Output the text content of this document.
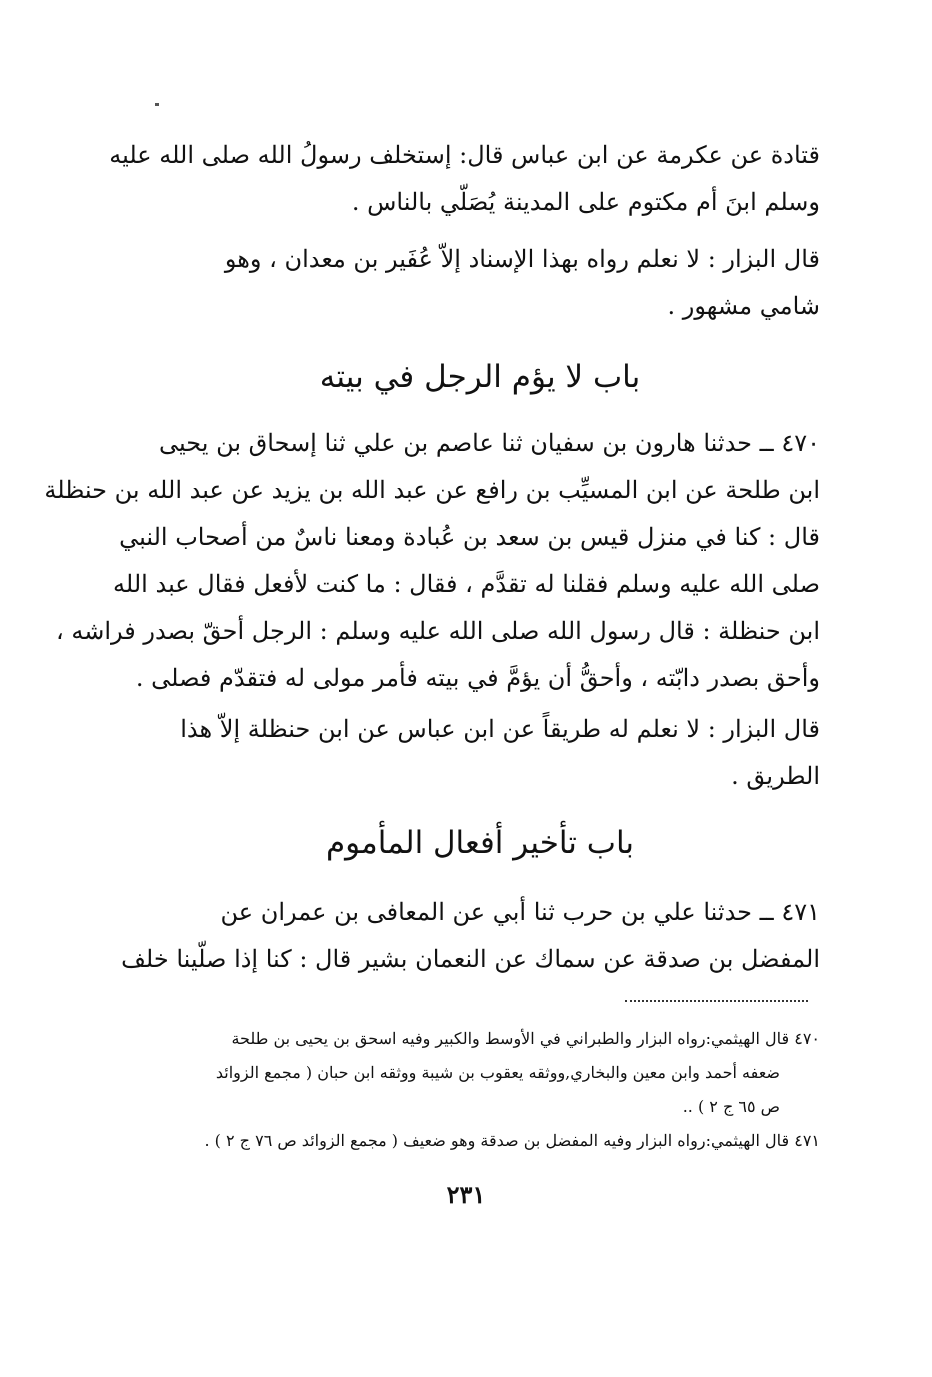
قتادة عن عكرمة عن ابن عباس قال: إستخلف رسولُ الله صلى الله عليه
وسلم ابنَ أم مكتوم على المدينة يُصَلّي بالناس .
قال البزار : لا نعلم رواه بهذا الإسناد إلاّ عُفَير بن معدان ، وهو
شامي مشهور .
باب لا يؤم الرجل في بيته
٤٧٠ ــ حدثنا هارون بن سفيان ثنا عاصم بن علي ثنا إسحاق بن يحيى
ابن طلحة عن ابن المسيِّب بن رافع عن عبد الله بن يزيد عن عبد الله بن حنظلة
قال : كنا في منزل قيس بن سعد بن عُبادة ومعنا ناسٌ من أصحاب النبي
صلى الله عليه وسلم فقلنا له تقدَّم ، فقال : ما كنت لأفعل فقال عبد الله
ابن حنظلة : قال رسول الله صلى الله عليه وسلم : الرجل أحقّ بصدر فراشه ،
وأحق بصدر دابّته ، وأحقُّ أن يؤمَّ في بيته فأمر مولى له فتقدّم فصلى .
قال البزار : لا نعلم له طريقاً عن ابن عباس عن ابن حنظلة إلاّ هذا
الطريق .
باب تأخير أفعال المأموم
٤٧١ ــ حدثنا علي بن حرب ثنا أبي عن المعافى بن عمران عن
المفضل بن صدقة عن سماك عن النعمان بشير قال : كنا إذا صلّينا خلف
٤٧٠ قال الهيثمي:رواه البزار والطبراني في الأوسط والكبير وفيه اسحق بن يحيى بن طلحة
ضعفه أحمد وابن معين والبخاري,ووثقه يعقوب بن شيبة ووثقه ابن حبان ( مجمع الزوائد
ص ٦٥ ج ٢ ) ..
٤٧١ قال الهيثمي:رواه البزار وفيه المفضل بن صدقة وهو ضعيف ( مجمع الزوائد ص ٧٦ ج ٢ ) .
٢٣١
